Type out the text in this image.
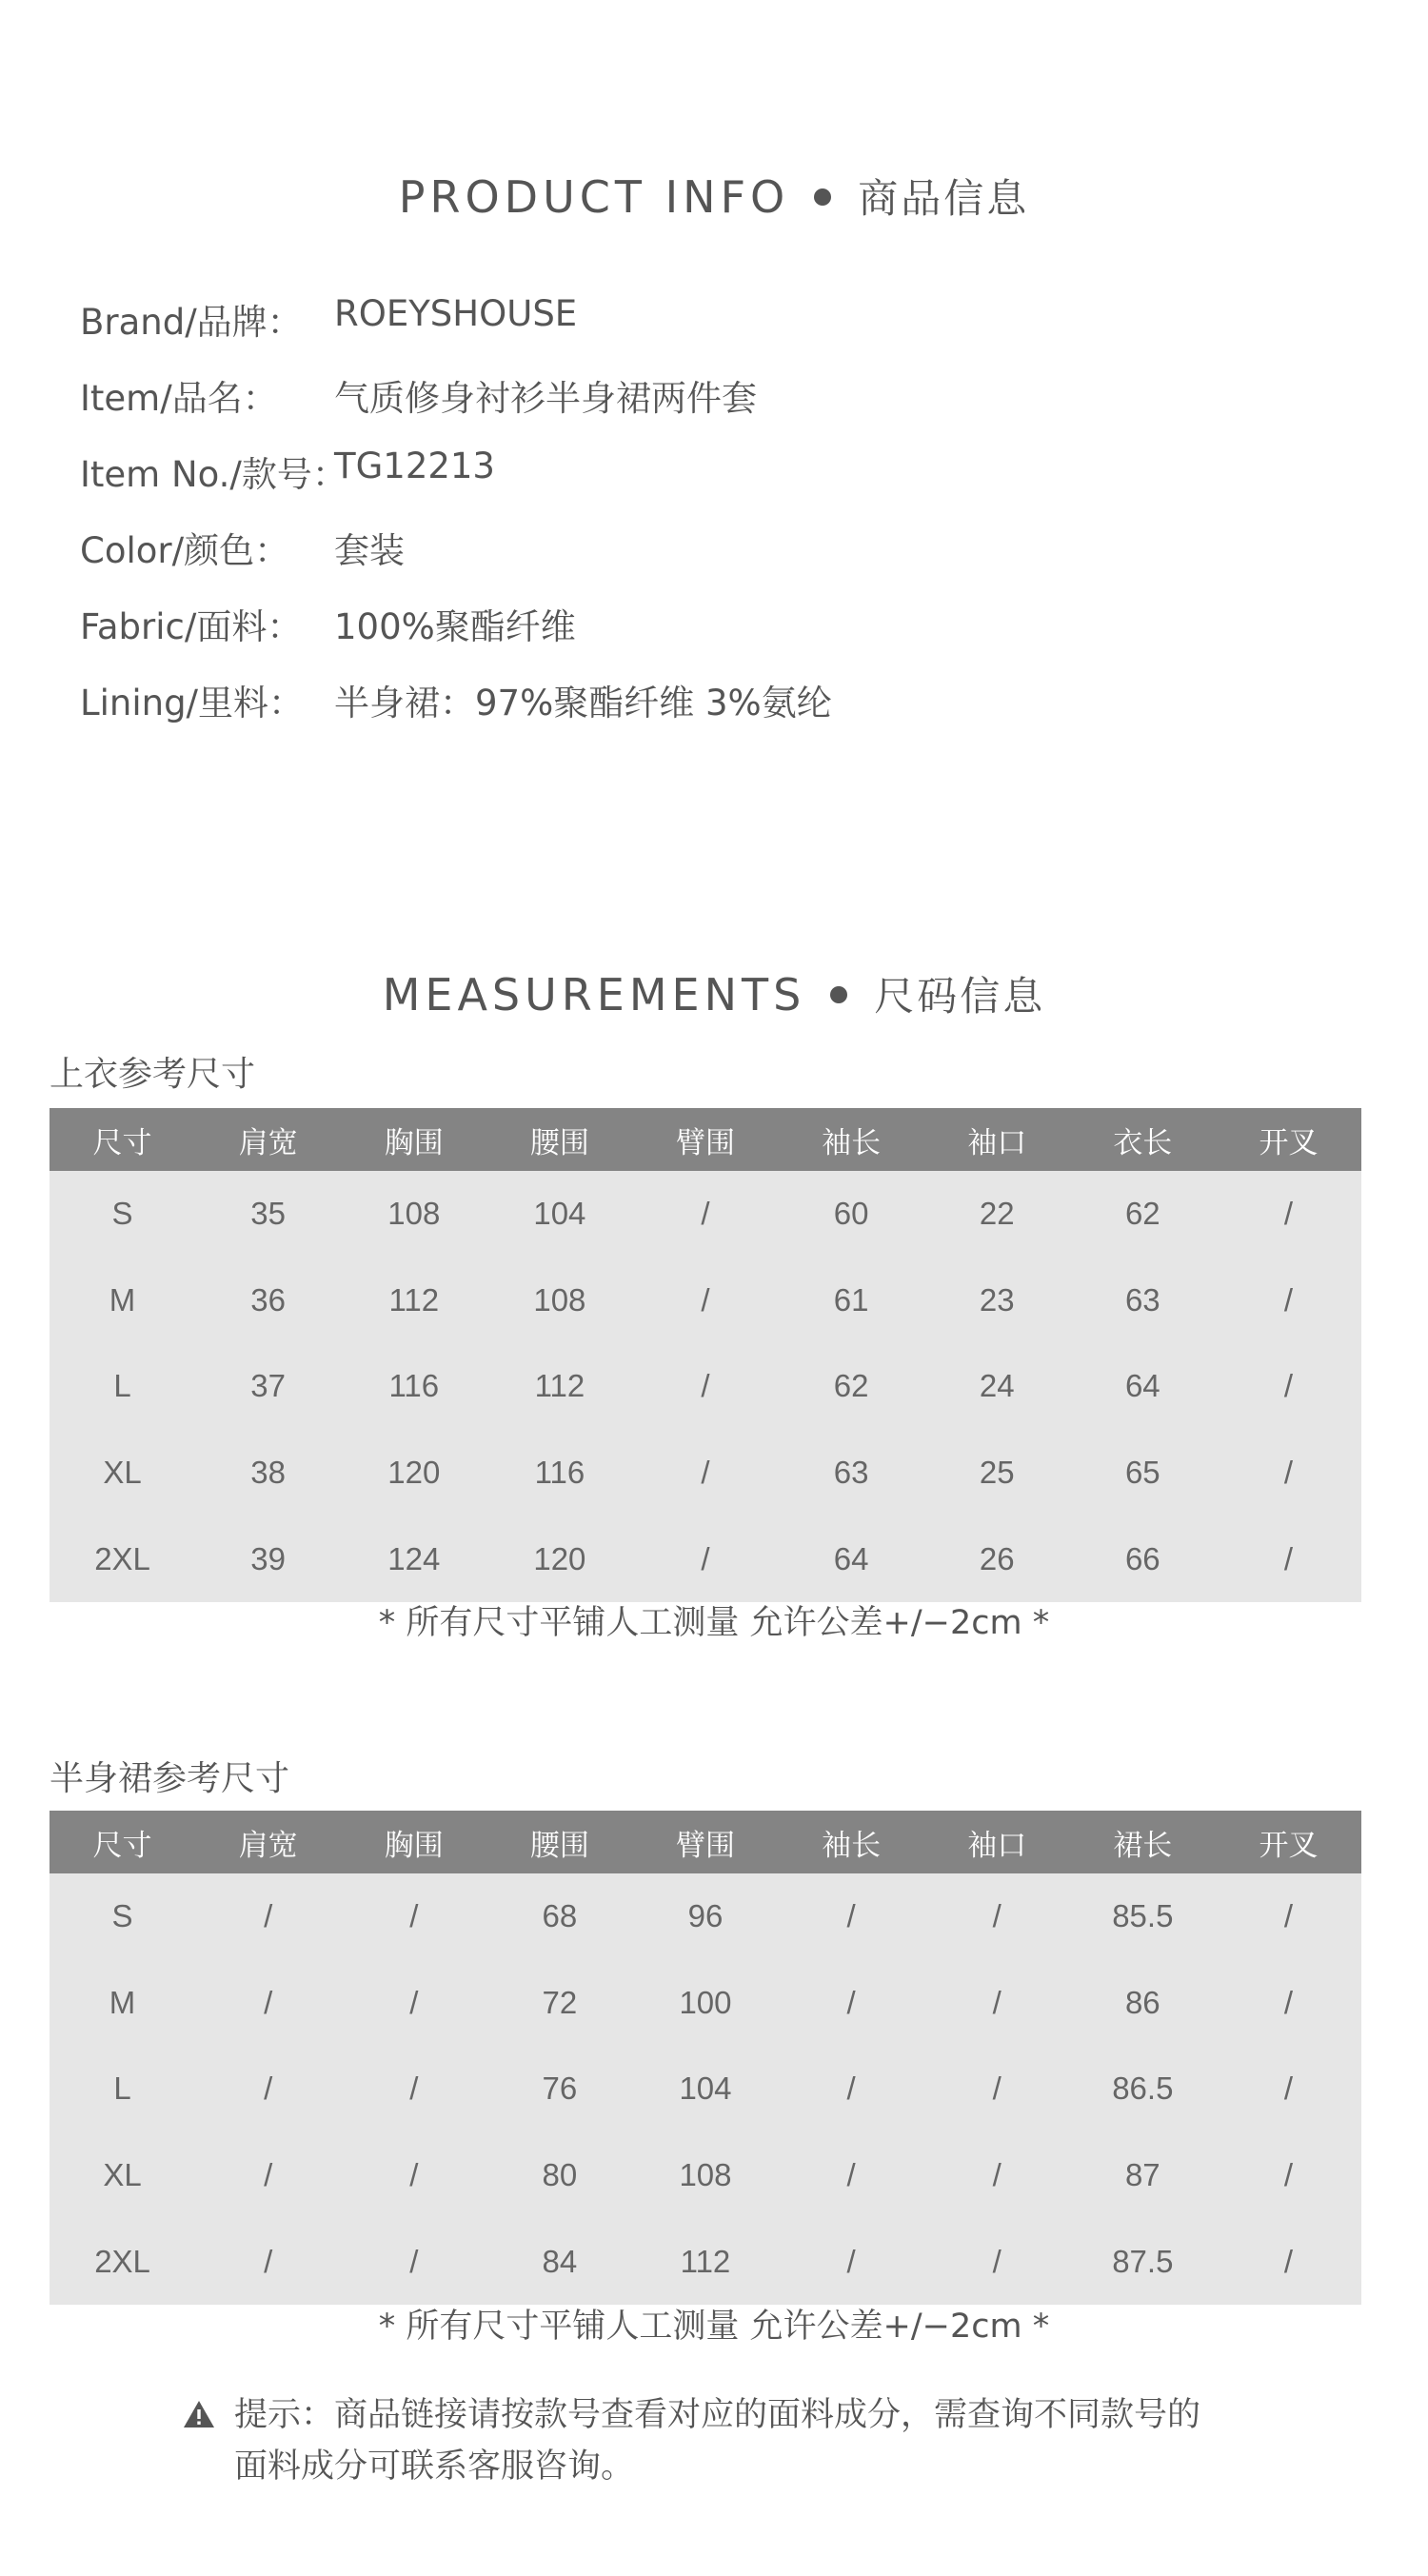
PRODUCT INFO 商品信息
Brand/品牌： ROEYSHOUSE
Item/品名： 气质修身衬衫半身裙两件套
Item No./款号：
TG12213
Color/颜色： 套装
Fabric/面料： 100%聚酯纤维
Lining/里料： 半身裙：97%聚酯纤维 3%氨纶
MEASUREMENTS 尺码信息
上衣参考尺寸
尺寸	肩宽	胸围	腰围	臂围	袖长	袖口	衣长	开叉
S	35	108	104	/	60	22	62	/
M	36	112	108	/	61	23	63	/
L	37	116	112	/	62	24	64	/
XL	38	120	116	/	63	25	65	/
2XL	39	124	120	/	64	26	66	/
* 所有尺寸平铺人工测量 允许公差+/−2cm *
半身裙参考尺寸
尺寸	肩宽	胸围	腰围	臂围	袖长	袖口	裙长	开叉
S	/	/	68	96	/	/	85.5	/
M	/	/	72	100	/	/	86	/
L	/	/	76	104	/	/	86.5	/
XL	/	/	80	108	/	/	87	/
2XL	/	/	84	112	/	/	87.5	/
* 所有尺寸平铺人工测量 允许公差+/−2cm *
提示：商品链接请按款号查看对应的面料成分，需查询不同款号的
面料成分可联系客服咨询。
